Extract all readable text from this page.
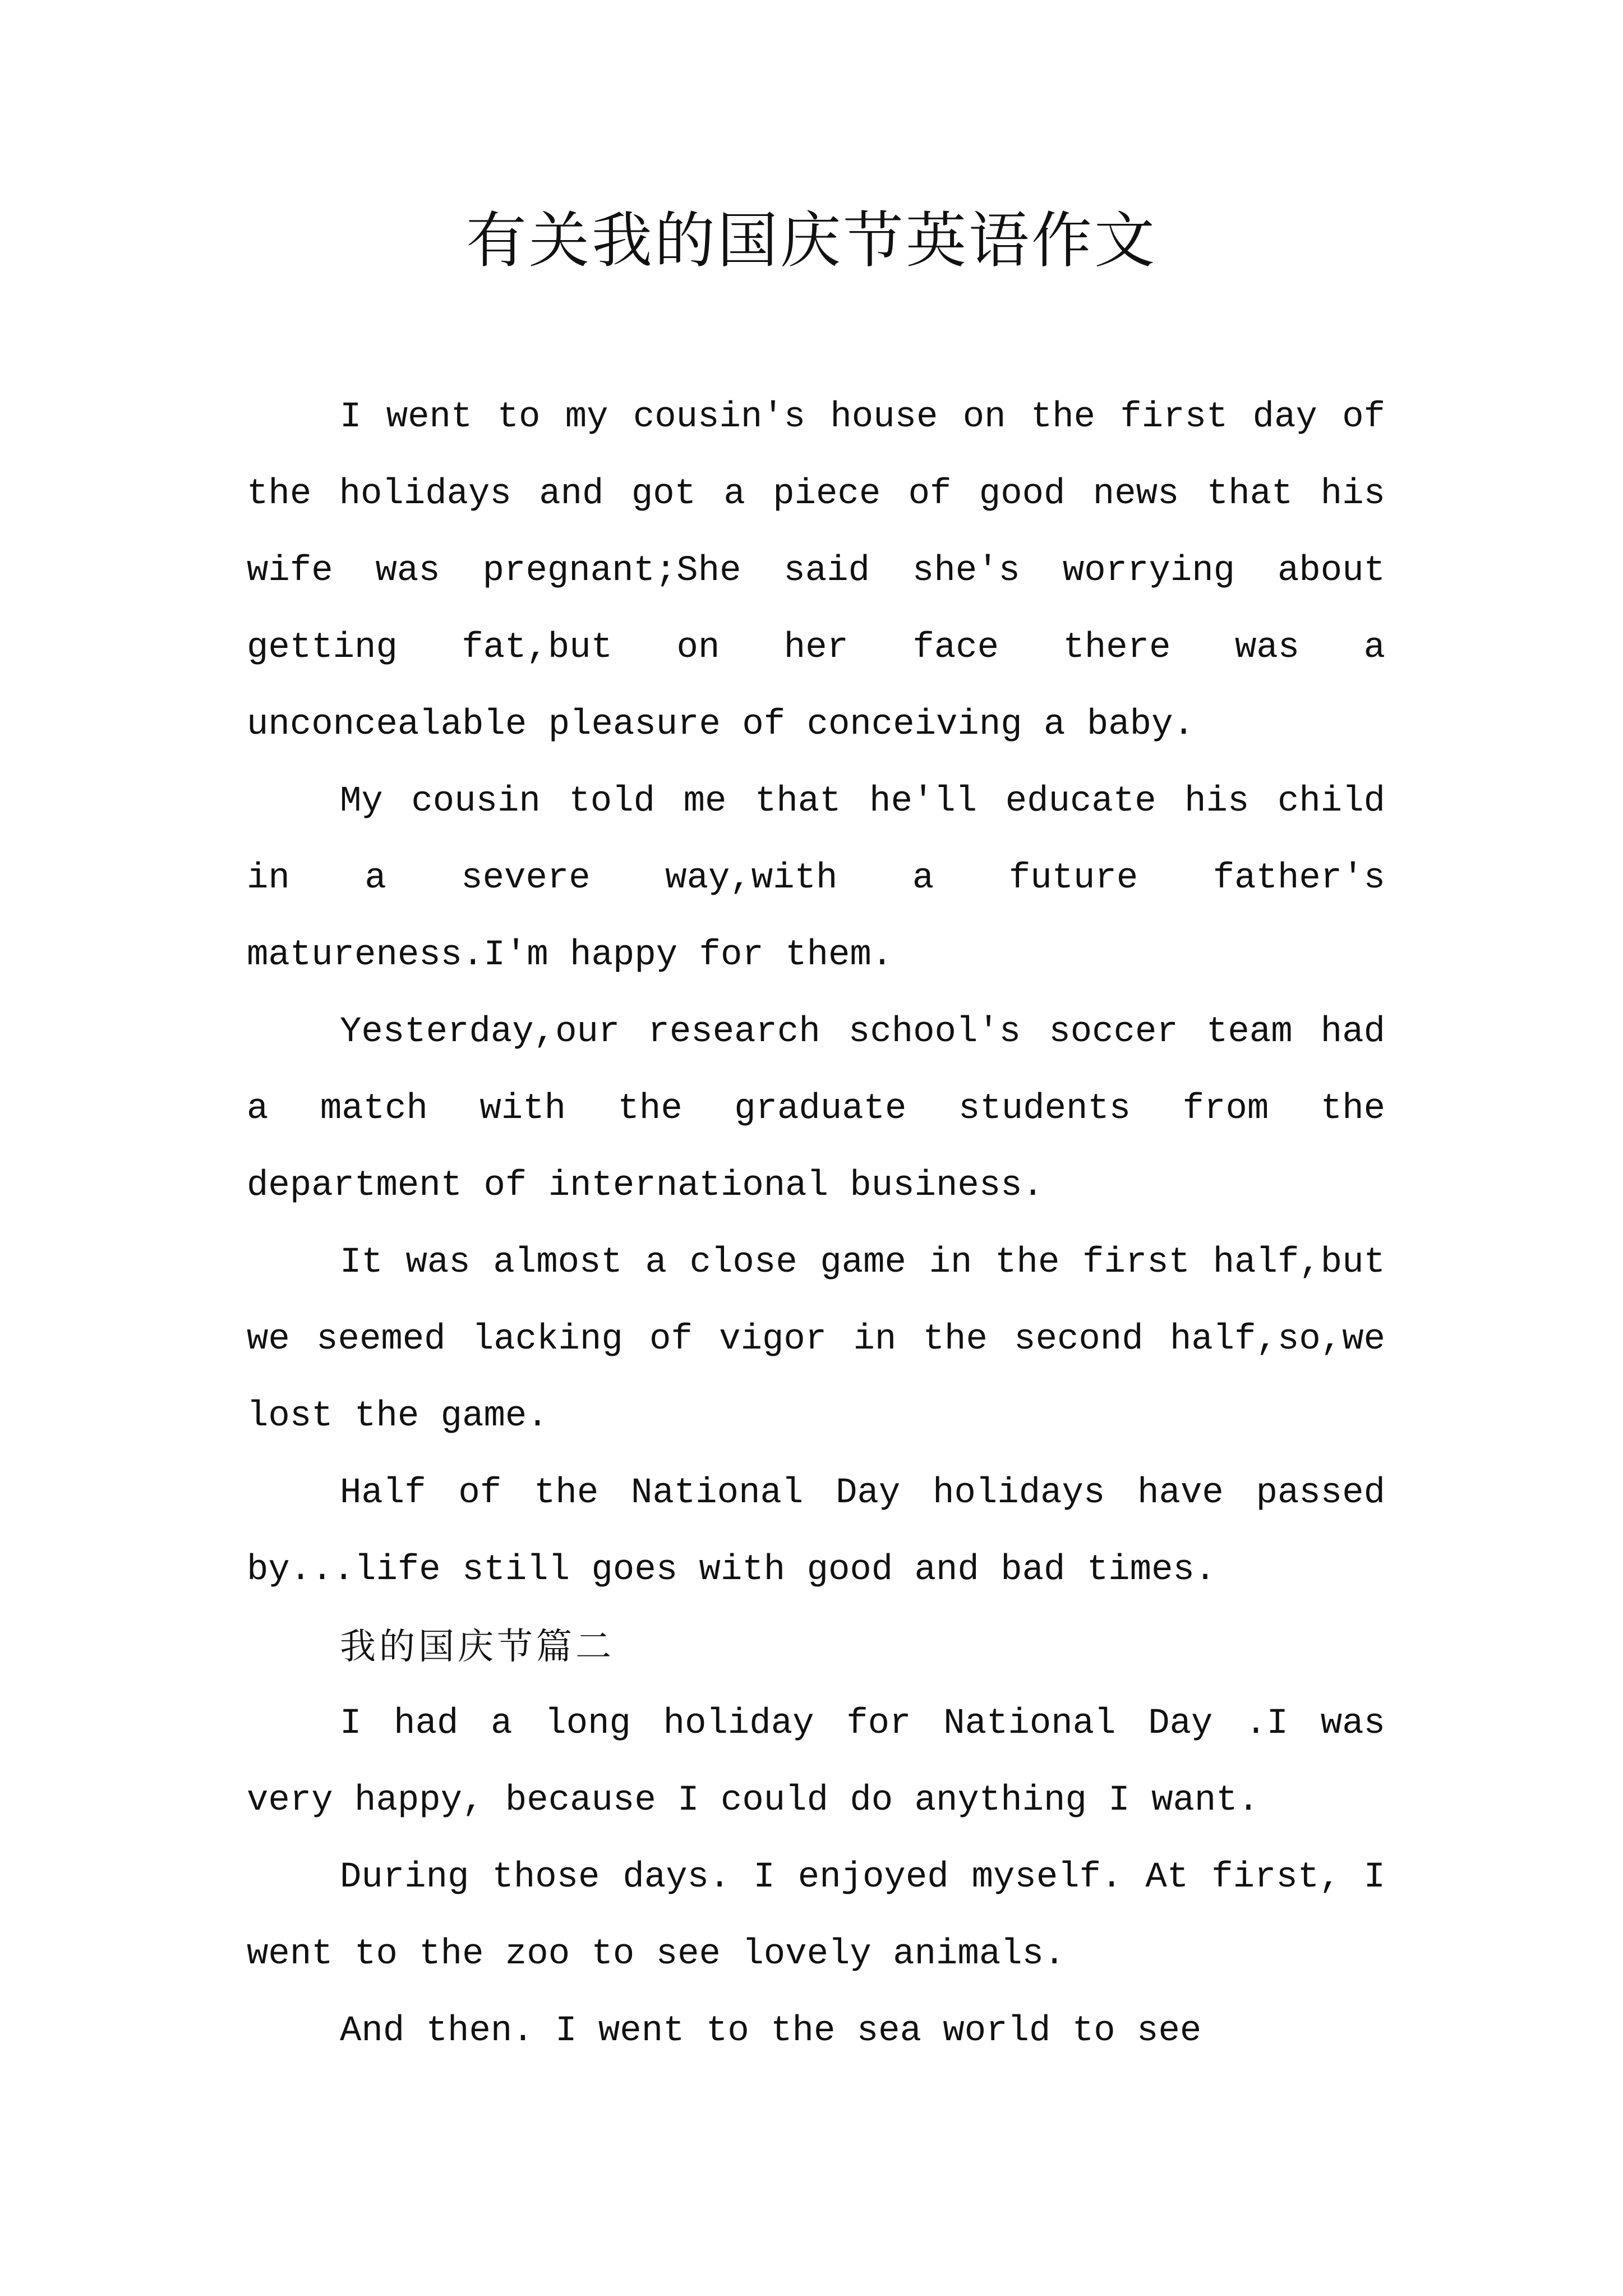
有关我的国庆节英语作文

I went to my cousin's house on the first day of the holidays and got a piece of good news that his wife was pregnant;She said she's worrying about getting fat,but on her face there was a unconcealable pleasure of conceiving a baby.

My cousin told me that he'll educate his child in a severe way,with a future father's matureness.I'm happy for them.

Yesterday,our research school's soccer team had a match with the graduate students from the department of international business.

It was almost a close game in the first half,but we seemed lacking of vigor in the second half,so,we lost the game.

Half of the National Day holidays have passed by...life still goes with good and bad times.

我的国庆节篇二

I had a long holiday for National Day .I was very happy, because I could do anything I want.

During those days. I enjoyed myself. At first, I went to the zoo to see lovely animals.

And then. I went to the sea world to see
